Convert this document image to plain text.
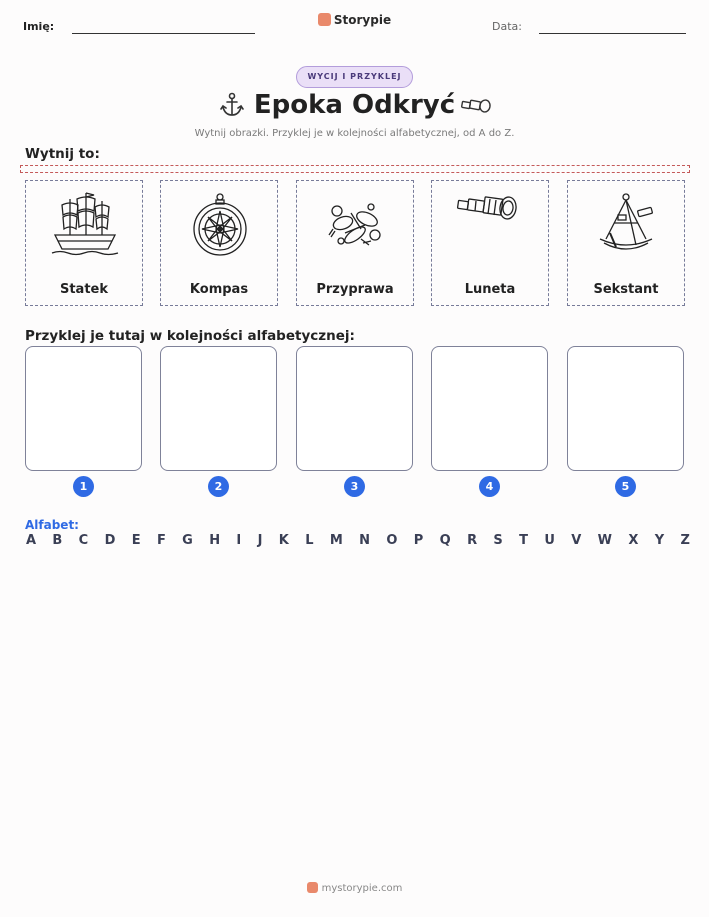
Imię:	Storypie	Data:
WYCIJ I PRZYKLEJ
Epoka Odkryć
Wytnij obrazki. Przyklej je w kolejności alfabetycznej, od A do Z.
Wytnij to:
Statek	Kompas	Przyprawa	Luneta	Sekstant
Przyklej je tutaj w kolejności alfabetycznej:
1	2	3	4	5
Alfabet:
A B C D E F G H I J K L M N O P Q R S T U V W X Y Z
mystorypie.com
